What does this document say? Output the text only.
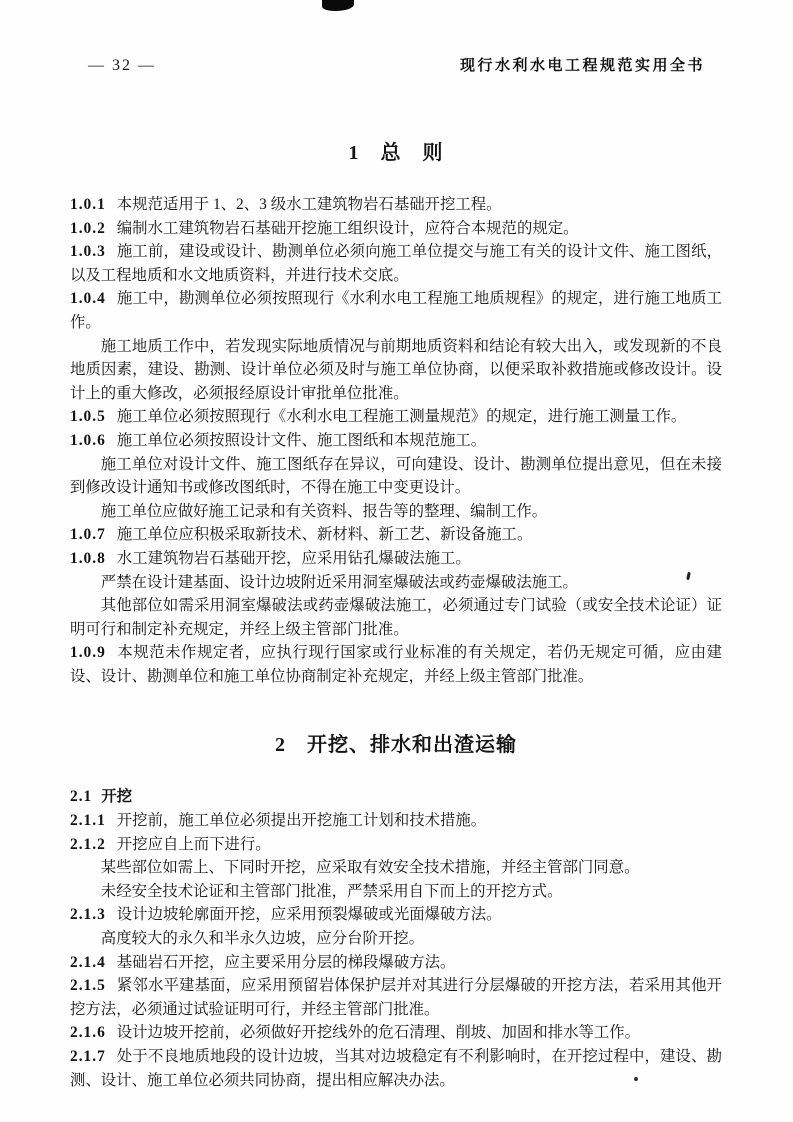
— 32 —	现行水利水电工程规范实用全书
1　总　则

1.0.1 本规范适用于 1、2、3 级水工建筑物岩石基础开挖工程。

1.0.2 编制水工建筑物岩石基础开挖施工组织设计，应符合本规范的规定。

1.0.3 施工前，建设或设计、勘测单位必须向施工单位提交与施工有关的设计文件、施工图纸，以及工程地质和水文地质资料，并进行技术交底。

1.0.4 施工中，勘测单位必须按照现行《水利水电工程施工地质规程》的规定，进行施工地质工作。

施工地质工作中，若发现实际地质情况与前期地质资料和结论有较大出入，或发现新的不良地质因素，建设、勘测、设计单位必须及时与施工单位协商，以便采取补救措施或修改设计。设计上的重大修改，必须报经原设计审批单位批准。

1.0.5 施工单位必须按照现行《水利水电工程施工测量规范》的规定，进行施工测量工作。

1.0.6 施工单位必须按照设计文件、施工图纸和本规范施工。

施工单位对设计文件、施工图纸存在异议，可向建设、设计、勘测单位提出意见，但在未接到修改设计通知书或修改图纸时，不得在施工中变更设计。

施工单位应做好施工记录和有关资料、报告等的整理、编制工作。

1.0.7 施工单位应积极采取新技术、新材料、新工艺、新设备施工。

1.0.8 水工建筑物岩石基础开挖，应采用钻孔爆破法施工。

严禁在设计建基面、设计边坡附近采用洞室爆破法或药壶爆破法施工。

其他部位如需采用洞室爆破法或药壶爆破法施工，必须通过专门试验（或安全技术论证）证明可行和制定补充规定，并经上级主管部门批准。

1.0.9 本规范未作规定者，应执行现行国家或行业标准的有关规定，若仍无规定可循，应由建设、设计、勘测单位和施工单位协商制定补充规定，并经上级主管部门批准。

2　开挖、排水和出渣运输

2.1 开挖

2.1.1 开挖前，施工单位必须提出开挖施工计划和技术措施。

2.1.2 开挖应自上而下进行。

某些部位如需上、下同时开挖，应采取有效安全技术措施，并经主管部门同意。

未经安全技术论证和主管部门批准，严禁采用自下而上的开挖方式。

2.1.3 设计边坡轮廓面开挖，应采用预裂爆破或光面爆破方法。

高度较大的永久和半永久边坡，应分台阶开挖。

2.1.4 基础岩石开挖，应主要采用分层的梯段爆破方法。

2.1.5 紧邻水平建基面，应采用预留岩体保护层并对其进行分层爆破的开挖方法，若采用其他开挖方法，必须通过试验证明可行，并经主管部门批准。

2.1.6 设计边坡开挖前，必须做好开挖线外的危石清理、削坡、加固和排水等工作。

2.1.7 处于不良地质地段的设计边坡，当其对边坡稳定有不利影响时，在开挖过程中，建设、勘测、设计、施工单位必须共同协商，提出相应解决办法。
